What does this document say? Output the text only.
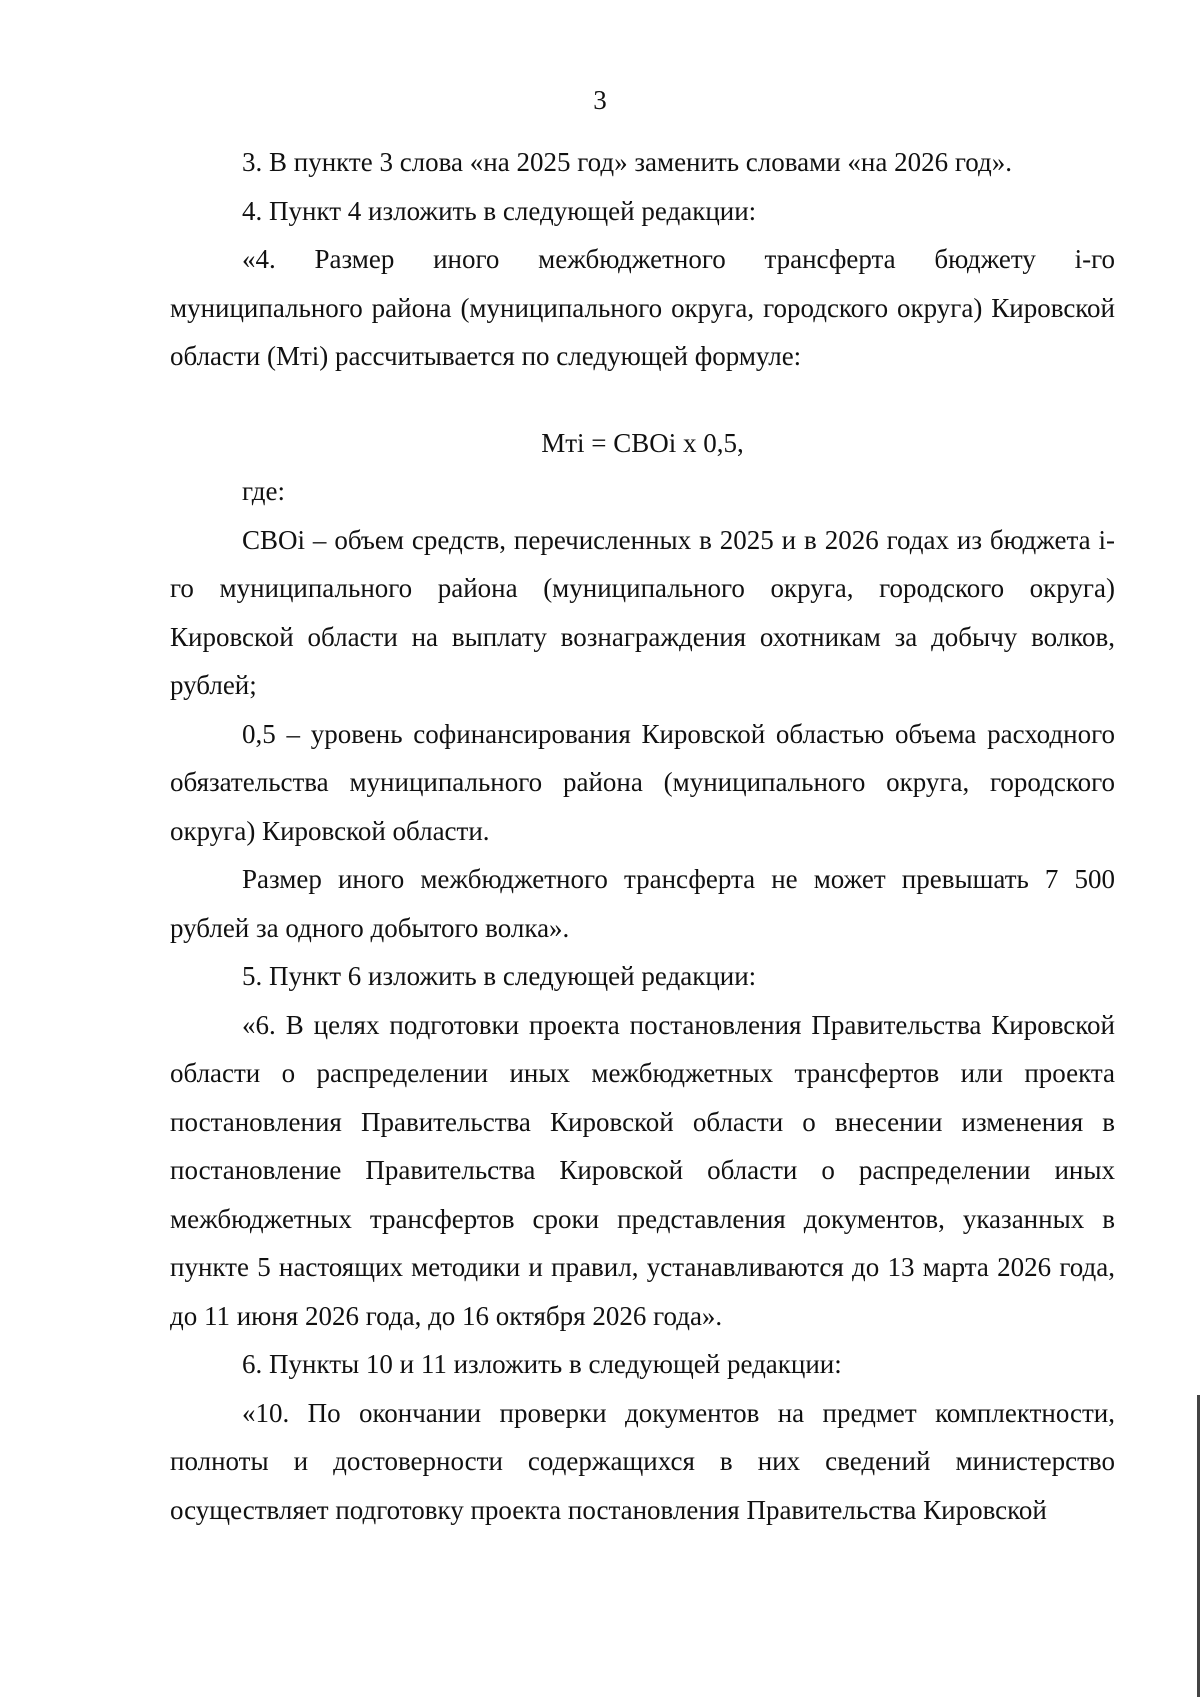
3

3. В пункте 3 слова «на 2025 год» заменить словами «на 2026 год».

4. Пункт 4 изложить в следующей редакции:

«4. Размер иного межбюджетного трансферта бюджету i-го муниципального района (муниципального округа, городского округа) Кировской области (Mтi) рассчитывается по следующей формуле:

Mтi = CBOi x 0,5,

где:

CBOi – объем средств, перечисленных в 2025 и в 2026 годах из бюджета i-го муниципального района (муниципального округа, городского округа) Кировской области на выплату вознаграждения охотникам за добычу волков, рублей;

0,5 – уровень софинансирования Кировской областью объема расходного обязательства муниципального района (муниципального округа, городского округа) Кировской области.

Размер иного межбюджетного трансферта не может превышать 7 500 рублей за одного добытого волка».

5. Пункт 6 изложить в следующей редакции:

«6. В целях подготовки проекта постановления Правительства Кировской области о распределении иных межбюджетных трансфертов или проекта постановления Правительства Кировской области о внесении изменения в постановление Правительства Кировской области о распределении иных межбюджетных трансфертов сроки представления документов, указанных в пункте 5 настоящих методики и правил, устанавливаются до 13 марта 2026 года, до 11 июня 2026 года, до 16 октября 2026 года».

6. Пункты 10 и 11 изложить в следующей редакции:

«10. По окончании проверки документов на предмет комплектности, полноты и достоверности содержащихся в них сведений министерство осуществляет подготовку проекта постановления Правительства Кировской
